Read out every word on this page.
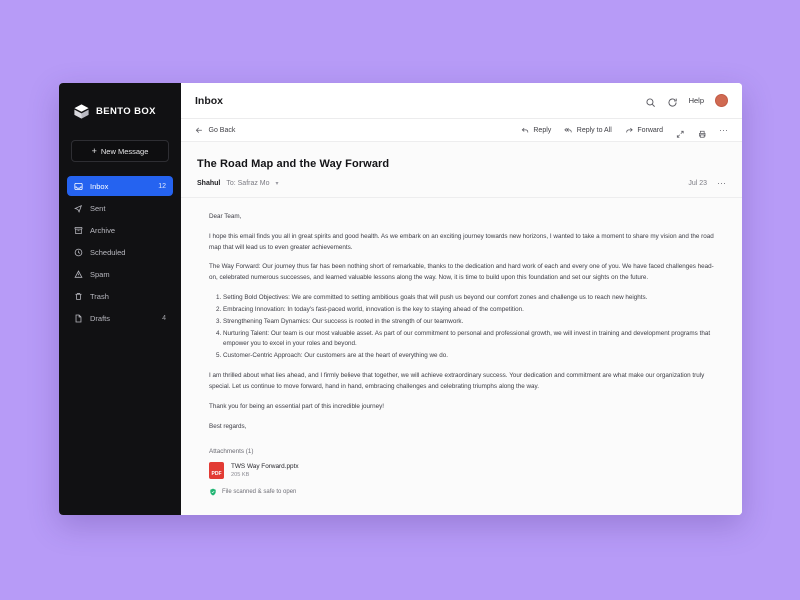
BENTO BOX
+ New Message
Inbox	12
Sent
Archive
Scheduled
Spam
Trash
Drafts	4
Inbox	Help
Go Back	Reply	Reply to All	Forward	⋯
The Road Map and the Way Forward
Shahul To: Safraz Mo ▾	Jul 23 ⋯
Dear Team,
I hope this email finds you all in great spirits and good health. As we embark on an exciting journey towards new horizons, I wanted to take a moment to share my vision and the road map that will lead us to even greater achievements.
The Way Forward: Our journey thus far has been nothing short of remarkable, thanks to the dedication and hard work of each and every one of you. We have faced challenges head-on, celebrated numerous successes, and learned valuable lessons along the way. Now, it is time to build upon this foundation and set our sights on the future.
1. Setting Bold Objectives: We are committed to setting ambitious goals that will push us beyond our comfort zones and challenge us to reach new heights.
2. Embracing Innovation: In today's fast-paced world, innovation is the key to staying ahead of the competition.
3. Strengthening Team Dynamics: Our success is rooted in the strength of our teamwork.
4. Nurturing Talent: Our team is our most valuable asset. As part of our commitment to personal and professional growth, we will invest in training and development programs that empower you to excel in your roles and beyond.
5. Customer-Centric Approach: Our customers are at the heart of everything we do.
I am thrilled about what lies ahead, and I firmly believe that together, we will achieve extraordinary success. Your dedication and commitment are what make our organization truly special. Let us continue to move forward, hand in hand, embracing challenges and celebrating triumphs along the way.
Thank you for being an essential part of this incredible journey!
Best regards,
Attachments (1)
PDF
TWS Way Forward.pptx
205 KB
File scanned & safe to open
